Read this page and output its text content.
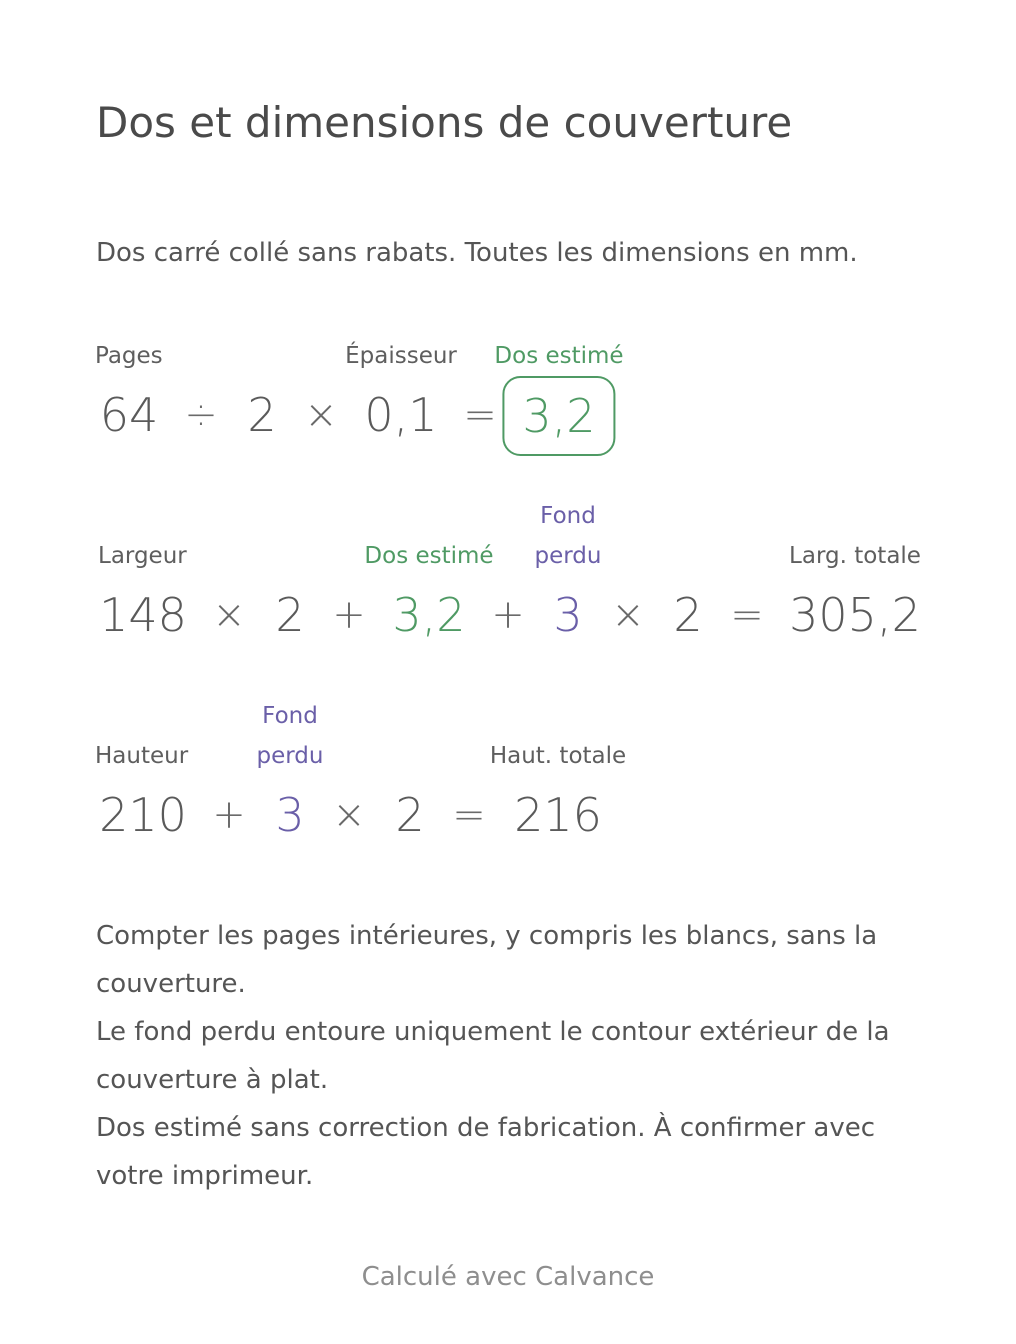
Dos et dimensions de couverture
Dos carré collé sans rabats. Toutes les dimensions en mm.
Pages	Épaisseur Dos estimé
64 ÷ 2 × 0,1 = 3,2
Largeur	Dos estimé
Fond
perdu	Larg. totale
148 × 2 + 3,2 + 3 × 2 = 305,2
Hauteur
Fond
perdu	Haut. totale
210 + 3 × 2 = 216

Compter les pages intérieures, y compris les blancs, sans la couverture.

Le fond perdu entoure uniquement le contour extérieur de la couverture à plat.

Dos estimé sans correction de fabrication. À confirmer avec votre imprimeur.

Calculé avec Calvance
